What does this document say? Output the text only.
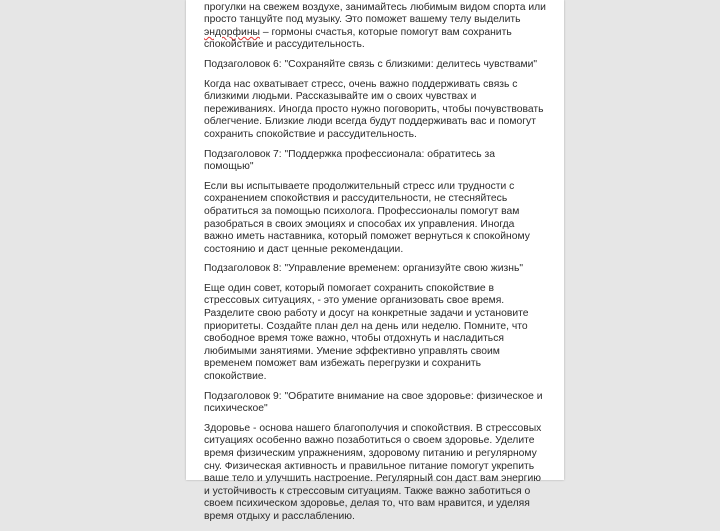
прогулки на свежем воздухе, занимайтесь любимым видом спорта или просто танцуйте под музыку. Это поможет вашему телу выделить эндорфины – гормоны счастья, которые помогут вам сохранить спокойствие и рассудительность.

Подзаголовок 6: "Сохраняйте связь с близкими: делитесь чувствами"

Когда нас охватывает стресс, очень важно поддерживать связь с близкими людьми. Рассказывайте им о своих чувствах и переживаниях. Иногда просто нужно поговорить, чтобы почувствовать облегчение. Близкие люди всегда будут поддерживать вас и помогут сохранить спокойствие и рассудительность.

Подзаголовок 7: "Поддержка профессионала: обратитесь за помощью"

Если вы испытываете продолжительный стресс или трудности с сохранением спокойствия и рассудительности, не стесняйтесь обратиться за помощью психолога. Профессионалы помогут вам разобраться в своих эмоциях и способах их управления. Иногда важно иметь наставника, который поможет вернуться к спокойному состоянию и даст ценные рекомендации.

Подзаголовок 8: "Управление временем: организуйте свою жизнь"

Еще один совет, который помогает сохранить спокойствие в стрессовых ситуациях, - это умение организовать свое время. Разделите свою работу и досуг на конкретные задачи и установите приоритеты. Создайте план дел на день или неделю. Помните, что свободное время тоже важно, чтобы отдохнуть и насладиться любимыми занятиями. Умение эффективно управлять своим временем поможет вам избежать перегрузки и сохранить спокойствие.

Подзаголовок 9: "Обратите внимание на свое здоровье: физическое и психическое"

Здоровье - основа нашего благополучия и спокойствия. В стрессовых ситуациях особенно важно позаботиться о своем здоровье. Уделите время физическим упражнениям, здоровому питанию и регулярному сну. Физическая активность и правильное питание помогут укрепить ваше тело и улучшить настроение. Регулярный сон даст вам энергию и устойчивость к стрессовым ситуациям. Также важно заботиться о своем психическом здоровье, делая то, что вам нравится, и уделяя время отдыху и расслаблению.
